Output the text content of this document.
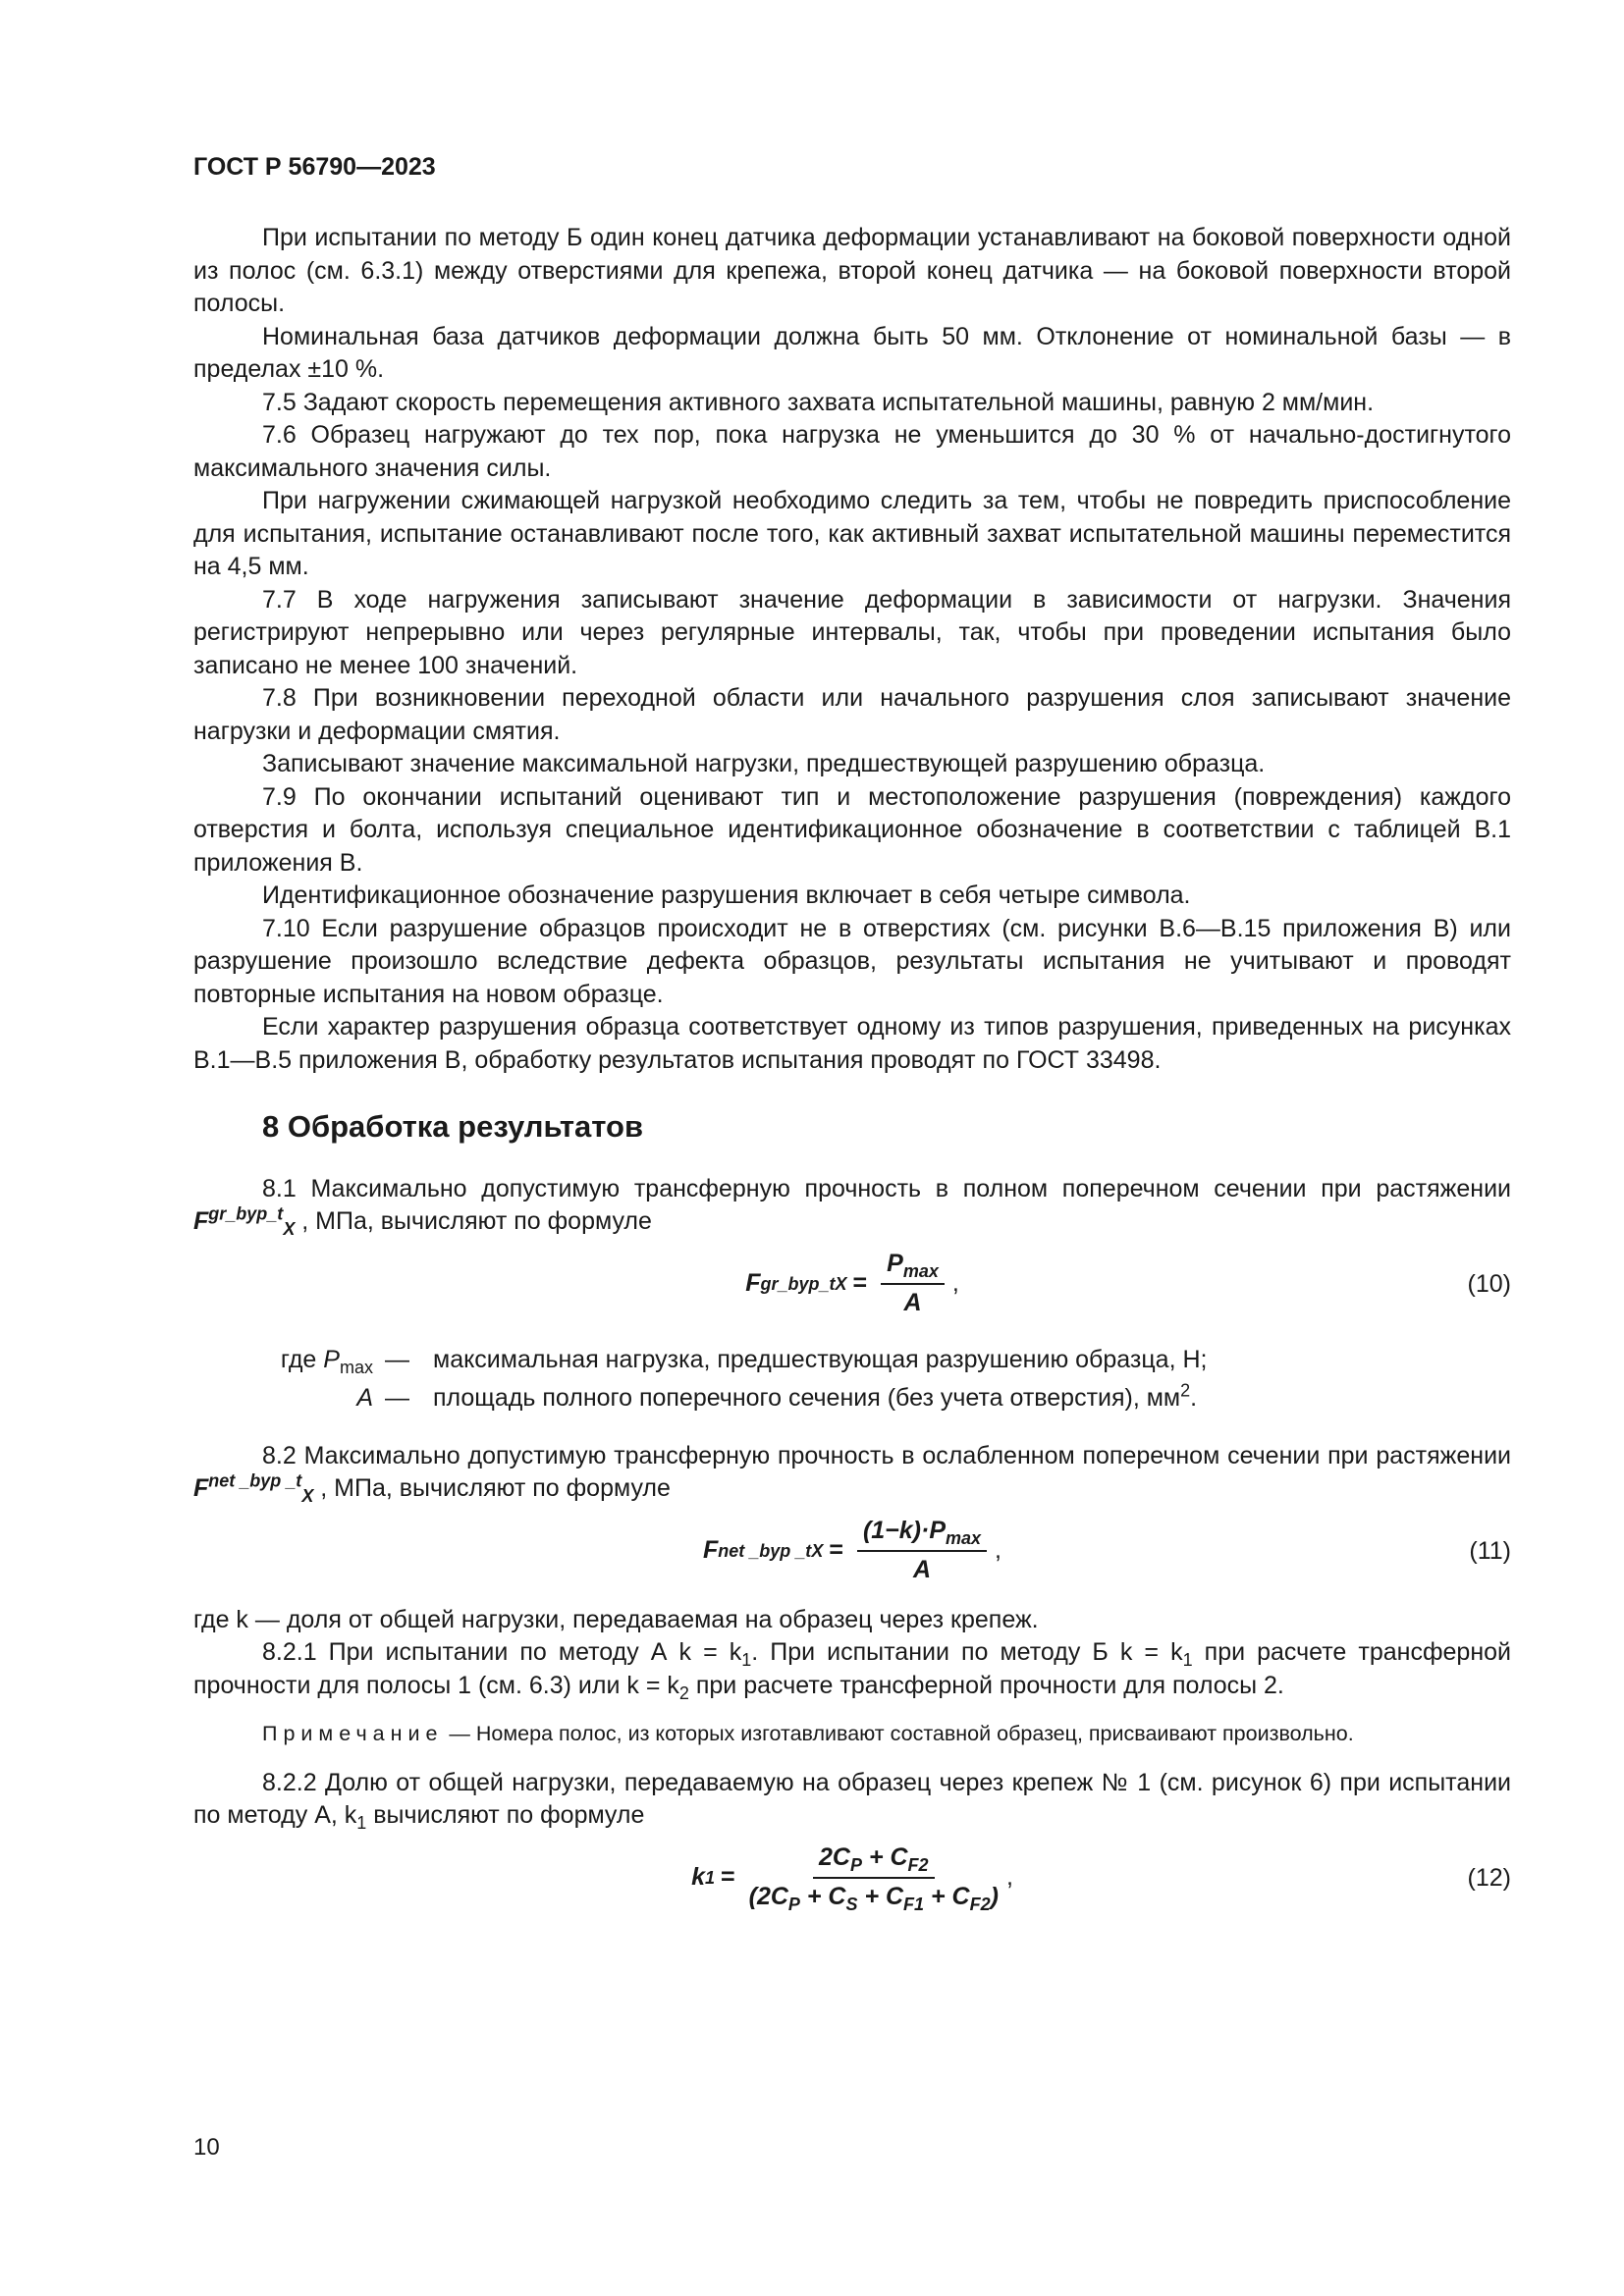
ГОСТ Р 56790—2023

При испытании по методу Б один конец датчика деформации устанавливают на боковой поверхности одной из полос (см. 6.3.1) между отверстиями для крепежа, второй конец датчика — на боковой поверхности второй полосы.

Номинальная база датчиков деформации должна быть 50 мм. Отклонение от номинальной базы — в пределах ±10 %.

7.5 Задают скорость перемещения активного захвата испытательной машины, равную 2 мм/мин.

7.6 Образец нагружают до тех пор, пока нагрузка не уменьшится до 30 % от начально-достигнутого максимального значения силы.

При нагружении сжимающей нагрузкой необходимо следить за тем, чтобы не повредить приспособление для испытания, испытание останавливают после того, как активный захват испытательной машины переместится на 4,5 мм.

7.7 В ходе нагружения записывают значение деформации в зависимости от нагрузки. Значения регистрируют непрерывно или через регулярные интервалы, так, чтобы при проведении испытания было записано не менее 100 значений.

7.8 При возникновении переходной области или начального разрушения слоя записывают значение нагрузки и деформации смятия.

Записывают значение максимальной нагрузки, предшествующей разрушению образца.

7.9 По окончании испытаний оценивают тип и местоположение разрушения (повреждения) каждого отверстия и болта, используя специальное идентификационное обозначение в соответствии с таблицей В.1 приложения В.

Идентификационное обозначение разрушения включает в себя четыре символа.

7.10 Если разрушение образцов происходит не в отверстиях (см. рисунки В.6—В.15 приложения В) или разрушение произошло вследствие дефекта образцов, результаты испытания не учитывают и проводят повторные испытания на новом образце.

Если характер разрушения образца соответствует одному из типов разрушения, приведенных на рисунках В.1—В.5 приложения В, обработку результатов испытания проводят по ГОСТ 33498.

8 Обработка результатов

8.1 Максимально допустимую трансферную прочность в полном поперечном сечении при растяжении $F^{gr\_byp\_t}_X$ , МПа, вычисляют по формуле

F gr_byp_t $X = \frac{P_{max}}{A}$ ,	(10)
где $P_{max}$	—	максимальная нагрузка, предшествующая разрушению образца, Н;
A	—	площадь полного поперечного сечения (без учета отверстия), $мм^2$.

8.2 Максимально допустимую трансферную прочность в ослабленном поперечном сечении при растяжении $F^{net \_byp \_t}_X$ , МПа, вычисляют по формуле

F net _byp _t $X = \frac{(1-k)\cdot P_{max}}{A}$ ,	(11)

где k — доля от общей нагрузки, передаваемая на образец через крепеж.

8.2.1 При испытании по методу А $k = k_1$. При испытании по методу Б $k = k_1$ при расчете трансферной прочности для полосы 1 (см. 6.3) или $k = k_2$ при расчете трансферной прочности для полосы 2.

Примечание — Номера полос, из которых изготавливают составной образец, присваивают произвольно.

8.2.2 Долю от общей нагрузки, передаваемую на образец через крепеж № 1 (см. рисунок 6) при испытании по методу А, $k_1$ вычисляют по формуле

k $1 = \frac{2C_P + C_{F2}}{(2C_P + C_S + C_{F1} + C_{F2})}$ ,	(12)
10
